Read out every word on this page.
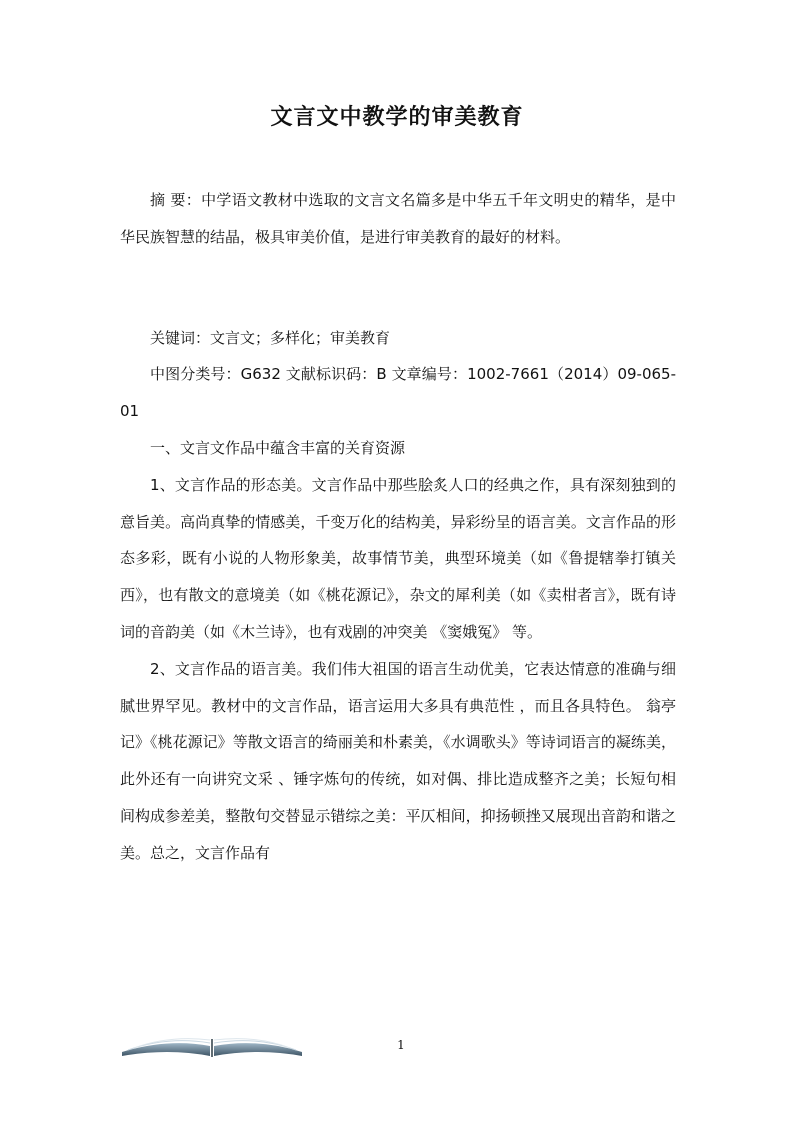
文言文中教学的审美教育

摘 要：中学语文教材中选取的文言文名篇多是中华五千年文明史的精华，是中华民族智慧的结晶，极具审美价值，是进行审美教育的最好的材料。

关键词：文言文；多样化；审美教育

中图分类号：G632 文献标识码：B 文章编号：1002-7661（2014）09-065-01

一、文言文作品中蕴含丰富的关育资源

1、文言作品的形态美。文言作品中那些脍炙人口的经典之作，具有深刻独到的意旨美。高尚真挚的情感美，千变万化的结构美，异彩纷呈的语言美。文言作品的形态多彩，既有小说的人物形象美，故事情节美，典型环境美（如《鲁提辖拳打镇关西》，也有散文的意境美（如《桃花源记》，杂文的犀利美（如《卖柑者言》，既有诗词的音韵美（如《木兰诗》，也有戏剧的冲突美 《窦娥冤》 等。

2、文言作品的语言美。我们伟大祖国的语言生动优美，它表达情意的准确与细腻世界罕见。教材中的文言作品，语言运用大多具有典范性 ，而且各具特色。 翁亭记》《桃花源记》等散文语言的绮丽美和朴素美，《水调歌头》等诗词语言的凝练美，此外还有一向讲究文采 、锤字炼句的传统，如对偶、排比造成整齐之美；长短句相间构成参差美，整散句交替显示错综之美：平仄相间，抑扬顿挫又展现出音韵和谐之美。总之，文言作品有

1
